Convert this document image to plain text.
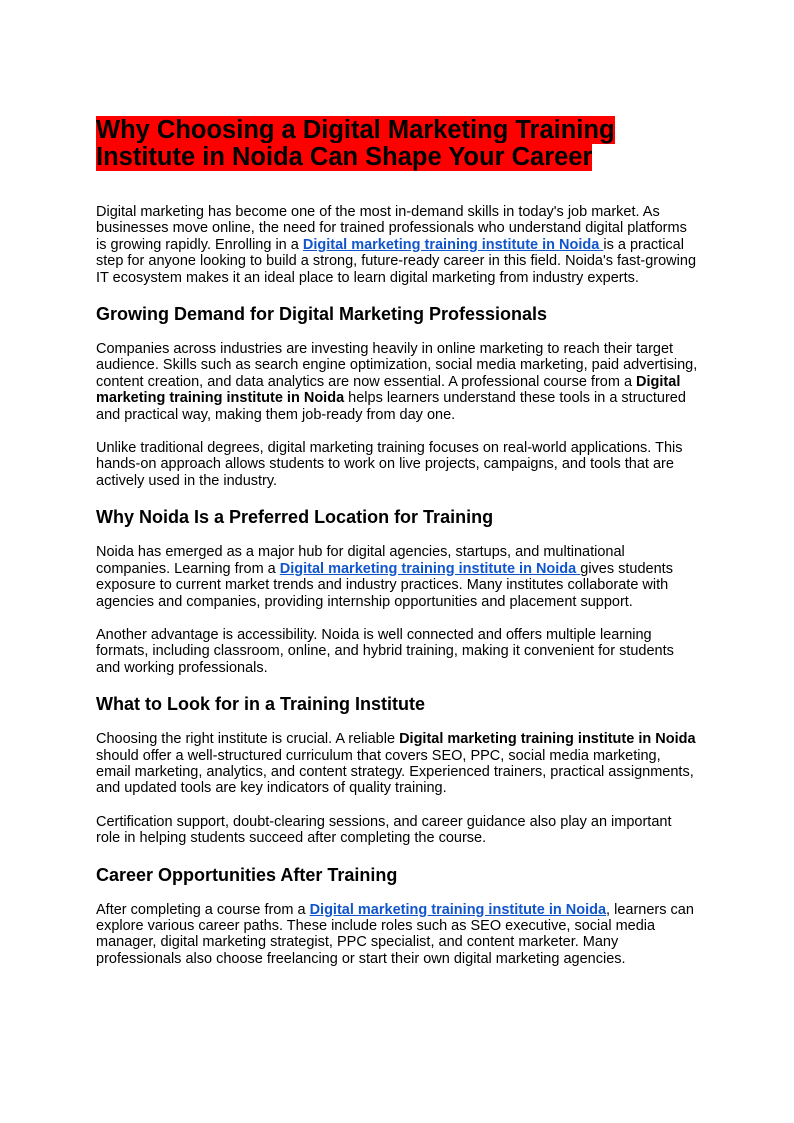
Why Choosing a Digital Marketing Training Institute in Noida Can Shape Your Career

Digital marketing has become one of the most in-demand skills in today's job market. As businesses move online, the need for trained professionals who understand digital platforms is growing rapidly. Enrolling in a Digital marketing training institute in Noida is a practical step for anyone looking to build a strong, future-ready career in this field. Noida's fast-growing IT ecosystem makes it an ideal place to learn digital marketing from industry experts.

Growing Demand for Digital Marketing Professionals

Companies across industries are investing heavily in online marketing to reach their target audience. Skills such as search engine optimization, social media marketing, paid advertising, content creation, and data analytics are now essential. A professional course from a Digital marketing training institute in Noida helps learners understand these tools in a structured and practical way, making them job-ready from day one.

Unlike traditional degrees, digital marketing training focuses on real-world applications. This hands-on approach allows students to work on live projects, campaigns, and tools that are actively used in the industry.

Why Noida Is a Preferred Location for Training

Noida has emerged as a major hub for digital agencies, startups, and multinational companies. Learning from a Digital marketing training institute in Noida gives students exposure to current market trends and industry practices. Many institutes collaborate with agencies and companies, providing internship opportunities and placement support.

Another advantage is accessibility. Noida is well connected and offers multiple learning formats, including classroom, online, and hybrid training, making it convenient for students and working professionals.

What to Look for in a Training Institute

Choosing the right institute is crucial. A reliable Digital marketing training institute in Noida should offer a well-structured curriculum that covers SEO, PPC, social media marketing, email marketing, analytics, and content strategy. Experienced trainers, practical assignments, and updated tools are key indicators of quality training.

Certification support, doubt-clearing sessions, and career guidance also play an important role in helping students succeed after completing the course.

Career Opportunities After Training

After completing a course from a Digital marketing training institute in Noida, learners can explore various career paths. These include roles such as SEO executive, social media manager, digital marketing strategist, PPC specialist, and content marketer. Many professionals also choose freelancing or start their own digital marketing agencies.
